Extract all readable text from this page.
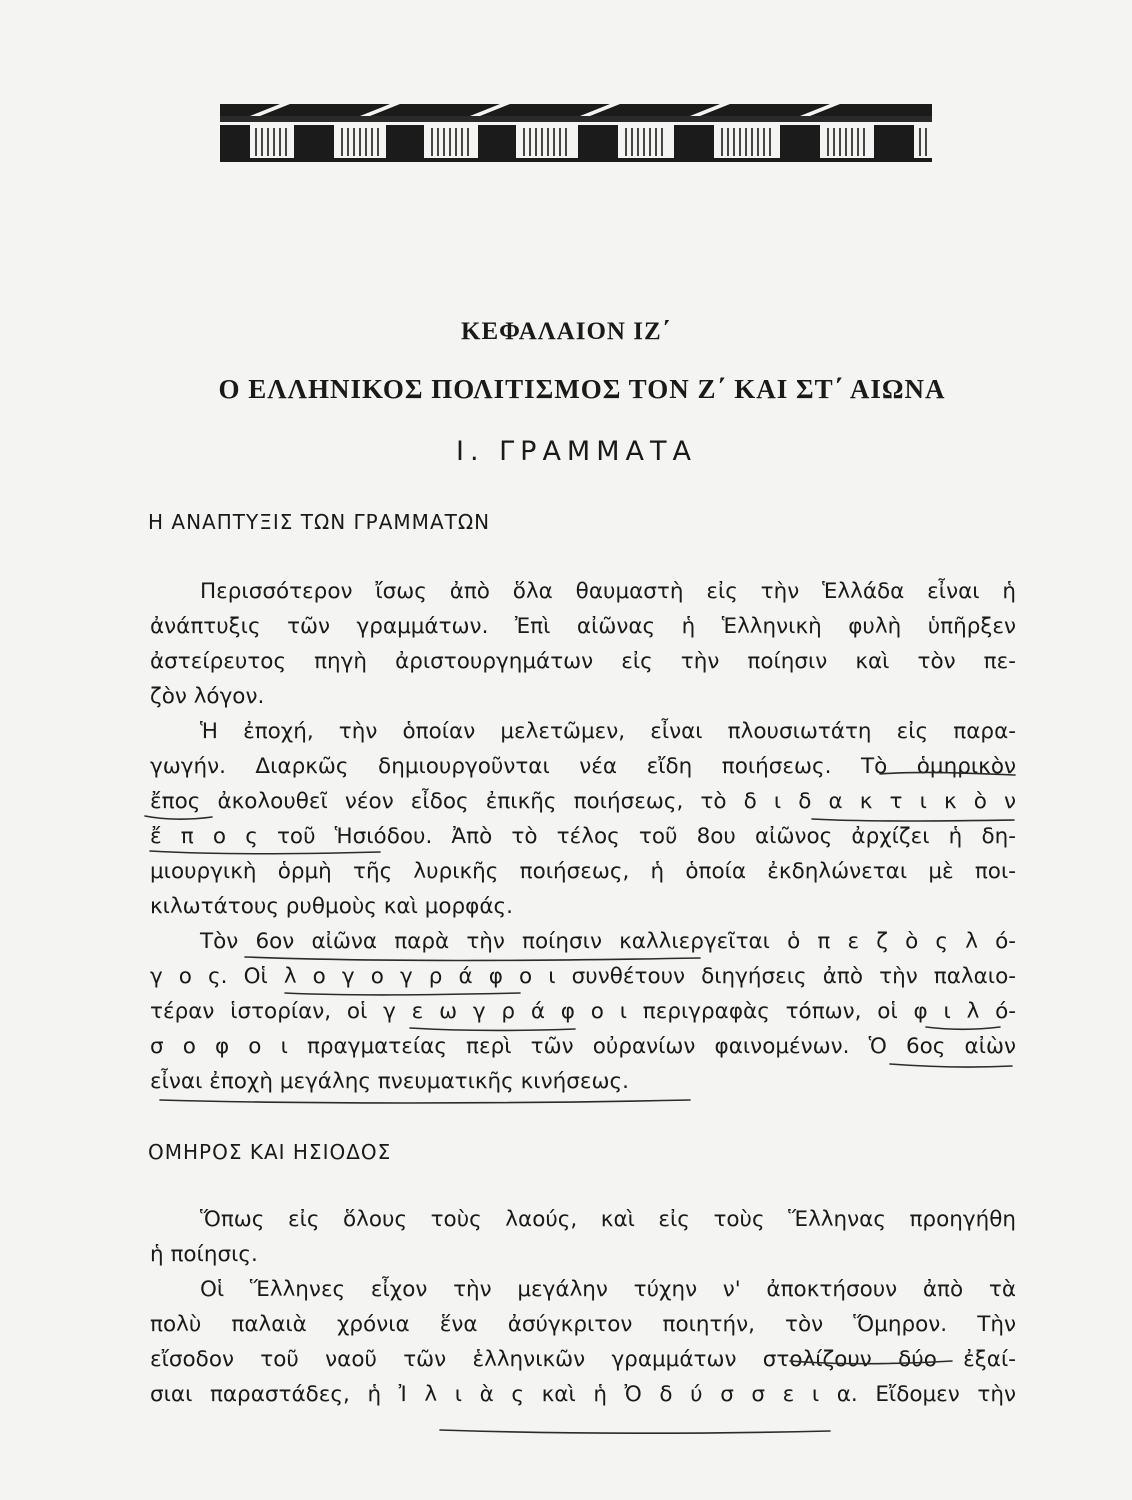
ΚΕΦΑΛΑΙΟΝ ΙΖ΄
Ο ΕΛΛΗΝΙΚΟΣ ΠΟΛΙΤΙΣΜΟΣ ΤΟΝ Ζ΄ ΚΑΙ ΣΤ΄ ΑΙΩΝΑ
I. ΓΡΑΜΜΑΤΑ
Η ΑΝΑΠΤΥΞΙΣ ΤΩΝ ΓΡΑΜΜΑΤΩΝ
Περισσότερον ἴσως ἀπὸ ὅλα θαυμαστὴ εἰς τὴν Ἑλλάδα εἶναι ἡ
ἀνάπτυξις τῶν γραμμάτων. Ἐπὶ αἰῶνας ἡ Ἑλληνικὴ φυλὴ ὑπῆρξεν
ἀστείρευτος πηγὴ ἀριστουργημάτων εἰς τὴν ποίησιν καὶ τὸν πε-
ζὸν λόγον.
Ἡ ἐποχή, τὴν ὁποίαν μελετῶμεν, εἶναι πλουσιωτάτη εἰς παρα-
γωγήν. Διαρκῶς δημιουργοῦνται νέα εἴδη ποιήσεως. Τὸ ὁμηρικὸν
ἔπος ἀκολουθεῖ νέον εἶδος ἐπικῆς ποιήσεως, τὸ δ ι δ α κ τ ι κ ὸ ν
ἔ π ο ς τοῦ Ἡσιόδου. Ἀπὸ τὸ τέλος τοῦ 8ου αἰῶνος ἀρχίζει ἡ δη-
μιουργικὴ ὁρμὴ τῆς λυρικῆς ποιήσεως, ἡ ὁποία ἐκδηλώνεται μὲ ποι-
κιλωτάτους ρυθμοὺς καὶ μορφάς.
Τὸν 6ον αἰῶνα παρὰ τὴν ποίησιν καλλιεργεῖται ὁ π ε ζ ὸ ς λ ό-
γ ο ς. Οἱ λ ο γ ο γ ρ ά φ ο ι συνθέτουν διηγήσεις ἀπὸ τὴν παλαιο-
τέραν ἱστορίαν, οἱ γ ε ω γ ρ ά φ ο ι περιγραφὰς τόπων, οἱ φ ι λ ό-
σ ο φ ο ι πραγματείας περὶ τῶν οὐρανίων φαινομένων. Ὁ 6ος αἰὼν
εἶναι ἐποχὴ μεγάλης πνευματικῆς κινήσεως.
ΟΜΗΡΟΣ ΚΑΙ ΗΣΙΟΔΟΣ
Ὅπως εἰς ὅλους τοὺς λαούς, καὶ εἰς τοὺς Ἕλληνας προηγήθη
ἡ ποίησις.
Οἱ Ἕλληνες εἶχον τὴν μεγάλην τύχην ν' ἀποκτήσουν ἀπὸ τὰ
πολὺ παλαιὰ χρόνια ἕνα ἀσύγκριτον ποιητήν, τὸν Ὅμηρον. Τὴν
εἴσοδον τοῦ ναοῦ τῶν ἑλληνικῶν γραμμάτων στολίζουν δύο ἐξαί-
σιαι παραστάδες, ἡ Ἰ λ ι ὰ ς καὶ ἡ Ὀ δ ύ σ σ ε ι α. Εἴδομεν τὴν
